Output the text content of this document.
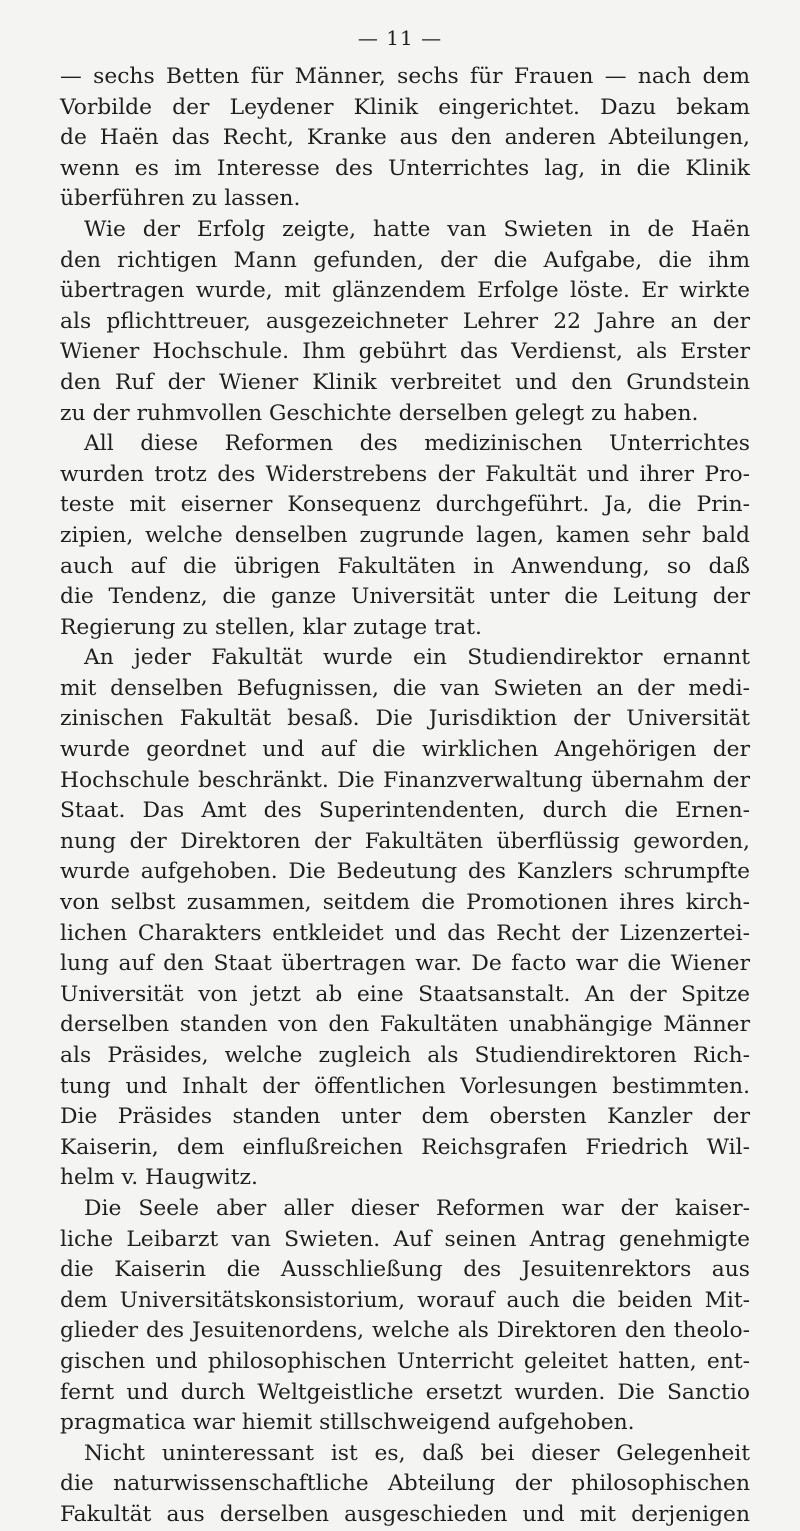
— 11 —
— sechs Betten für Männer, sechs für Frauen — nach dem
Vorbilde der Leydener Klinik eingerichtet. Dazu bekam
de Haën das Recht, Kranke aus den anderen Abteilungen,
wenn es im Interesse des Unterrichtes lag, in die Klinik
überführen zu lassen.
Wie der Erfolg zeigte, hatte van Swieten in de Haën
den richtigen Mann gefunden, der die Aufgabe, die ihm
übertragen wurde, mit glänzendem Erfolge löste. Er wirkte
als pflichttreuer, ausgezeichneter Lehrer 22 Jahre an der
Wiener Hochschule. Ihm gebührt das Verdienst, als Erster
den Ruf der Wiener Klinik verbreitet und den Grundstein
zu der ruhmvollen Geschichte derselben gelegt zu haben.
All diese Reformen des medizinischen Unterrichtes
wurden trotz des Widerstrebens der Fakultät und ihrer Pro-
teste mit eiserner Konsequenz durchgeführt. Ja, die Prin-
zipien, welche denselben zugrunde lagen, kamen sehr bald
auch auf die übrigen Fakultäten in Anwendung, so daß
die Tendenz, die ganze Universität unter die Leitung der
Regierung zu stellen, klar zutage trat.
An jeder Fakultät wurde ein Studiendirektor ernannt
mit denselben Befugnissen, die van Swieten an der medi-
zinischen Fakultät besaß. Die Jurisdiktion der Universität
wurde geordnet und auf die wirklichen Angehörigen der
Hochschule beschränkt. Die Finanzverwaltung übernahm der
Staat. Das Amt des Superintendenten, durch die Ernen-
nung der Direktoren der Fakultäten überflüssig geworden,
wurde aufgehoben. Die Bedeutung des Kanzlers schrumpfte
von selbst zusammen, seitdem die Promotionen ihres kirch-
lichen Charakters entkleidet und das Recht der Lizenzertei-
lung auf den Staat übertragen war. De facto war die Wiener
Universität von jetzt ab eine Staatsanstalt. An der Spitze
derselben standen von den Fakultäten unabhängige Männer
als Präsides, welche zugleich als Studiendirektoren Rich-
tung und Inhalt der öffentlichen Vorlesungen bestimmten.
Die Präsides standen unter dem obersten Kanzler der
Kaiserin, dem einflußreichen Reichsgrafen Friedrich Wil-
helm v. Haugwitz.
Die Seele aber aller dieser Reformen war der kaiser-
liche Leibarzt van Swieten. Auf seinen Antrag genehmigte
die Kaiserin die Ausschließung des Jesuitenrektors aus
dem Universitätskonsistorium, worauf auch die beiden Mit-
glieder des Jesuitenordens, welche als Direktoren den theolo-
gischen und philosophischen Unterricht geleitet hatten, ent-
fernt und durch Weltgeistliche ersetzt wurden. Die Sanctio
pragmatica war hiemit stillschweigend aufgehoben.
Nicht uninteressant ist es, daß bei dieser Gelegenheit
die naturwissenschaftliche Abteilung der philosophischen
Fakultät aus derselben ausgeschieden und mit derjenigen
